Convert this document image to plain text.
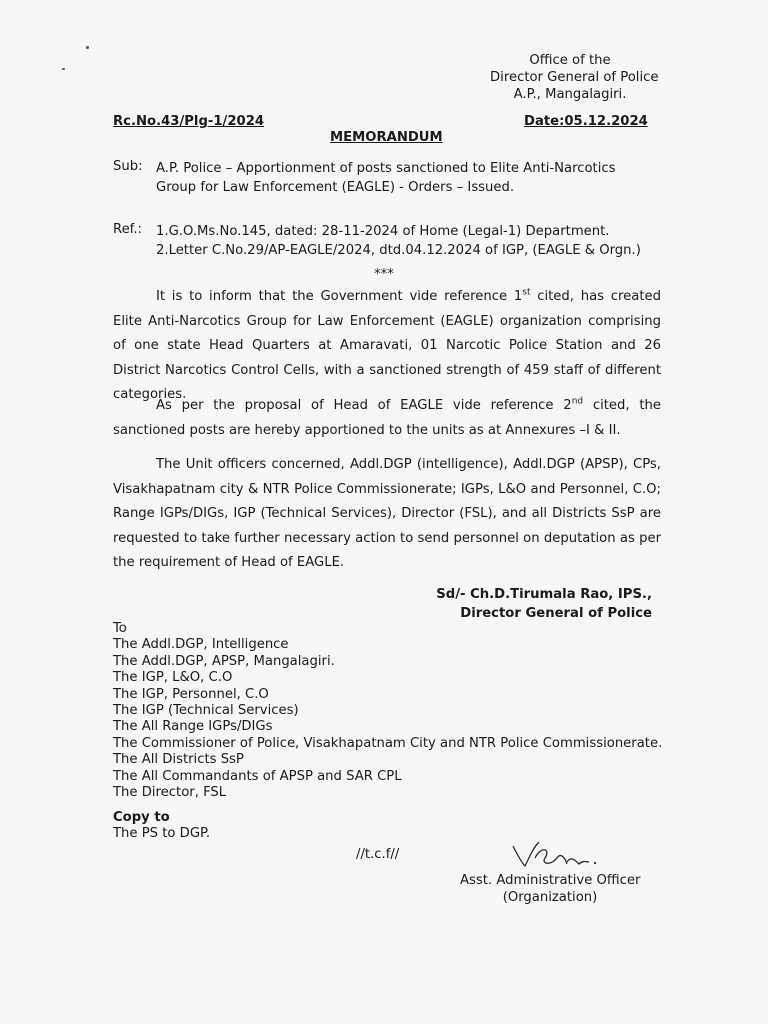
Office of the
Director General of Police
A.P., Mangalagiri.
Rc.No.43/Plg-1/2024	Date:05.12.2024
MEMORANDUM
Sub: A.P. Police – Apportionment of posts sanctioned to Elite Anti-Narcotics Group for Law Enforcement (EAGLE) - Orders – Issued.
Ref.: 1.G.O.Ms.No.145, dated: 28-11-2024 of Home (Legal-1) Department.
2.Letter C.No.29/AP-EAGLE/2024, dtd.04.12.2024 of IGP, (EAGLE & Orgn.)
***
It is to inform that the Government vide reference 1st cited, has created Elite Anti-Narcotics Group for Law Enforcement (EAGLE) organization comprising of one state Head Quarters at Amaravati, 01 Narcotic Police Station and 26 District Narcotics Control Cells, with a sanctioned strength of 459 staff of different categories.
As per the proposal of Head of EAGLE vide reference 2nd cited, the sanctioned posts are hereby apportioned to the units as at Annexures –I & II.
The Unit officers concerned, Addl.DGP (intelligence), Addl.DGP (APSP), CPs, Visakhapatnam city & NTR Police Commissionerate; IGPs, L&O and Personnel, C.O; Range IGPs/DIGs, IGP (Technical Services), Director (FSL), and all Districts SsP are requested to take further necessary action to send personnel on deputation as per the requirement of Head of EAGLE.
Sd/- Ch.D.Tirumala Rao, IPS.,
Director General of Police
To
The Addl.DGP, Intelligence
The Addl.DGP, APSP, Mangalagiri.
The IGP, L&O, C.O
The IGP, Personnel, C.O
The IGP (Technical Services)
The All Range IGPs/DIGs
The Commissioner of Police, Visakhapatnam City and NTR Police Commissionerate.
The All Districts SsP
The All Commandants of APSP and SAR CPL
The Director, FSL
Copy to
The PS to DGP.
//t.c.f//
Asst. Administrative Officer
(Organization)
